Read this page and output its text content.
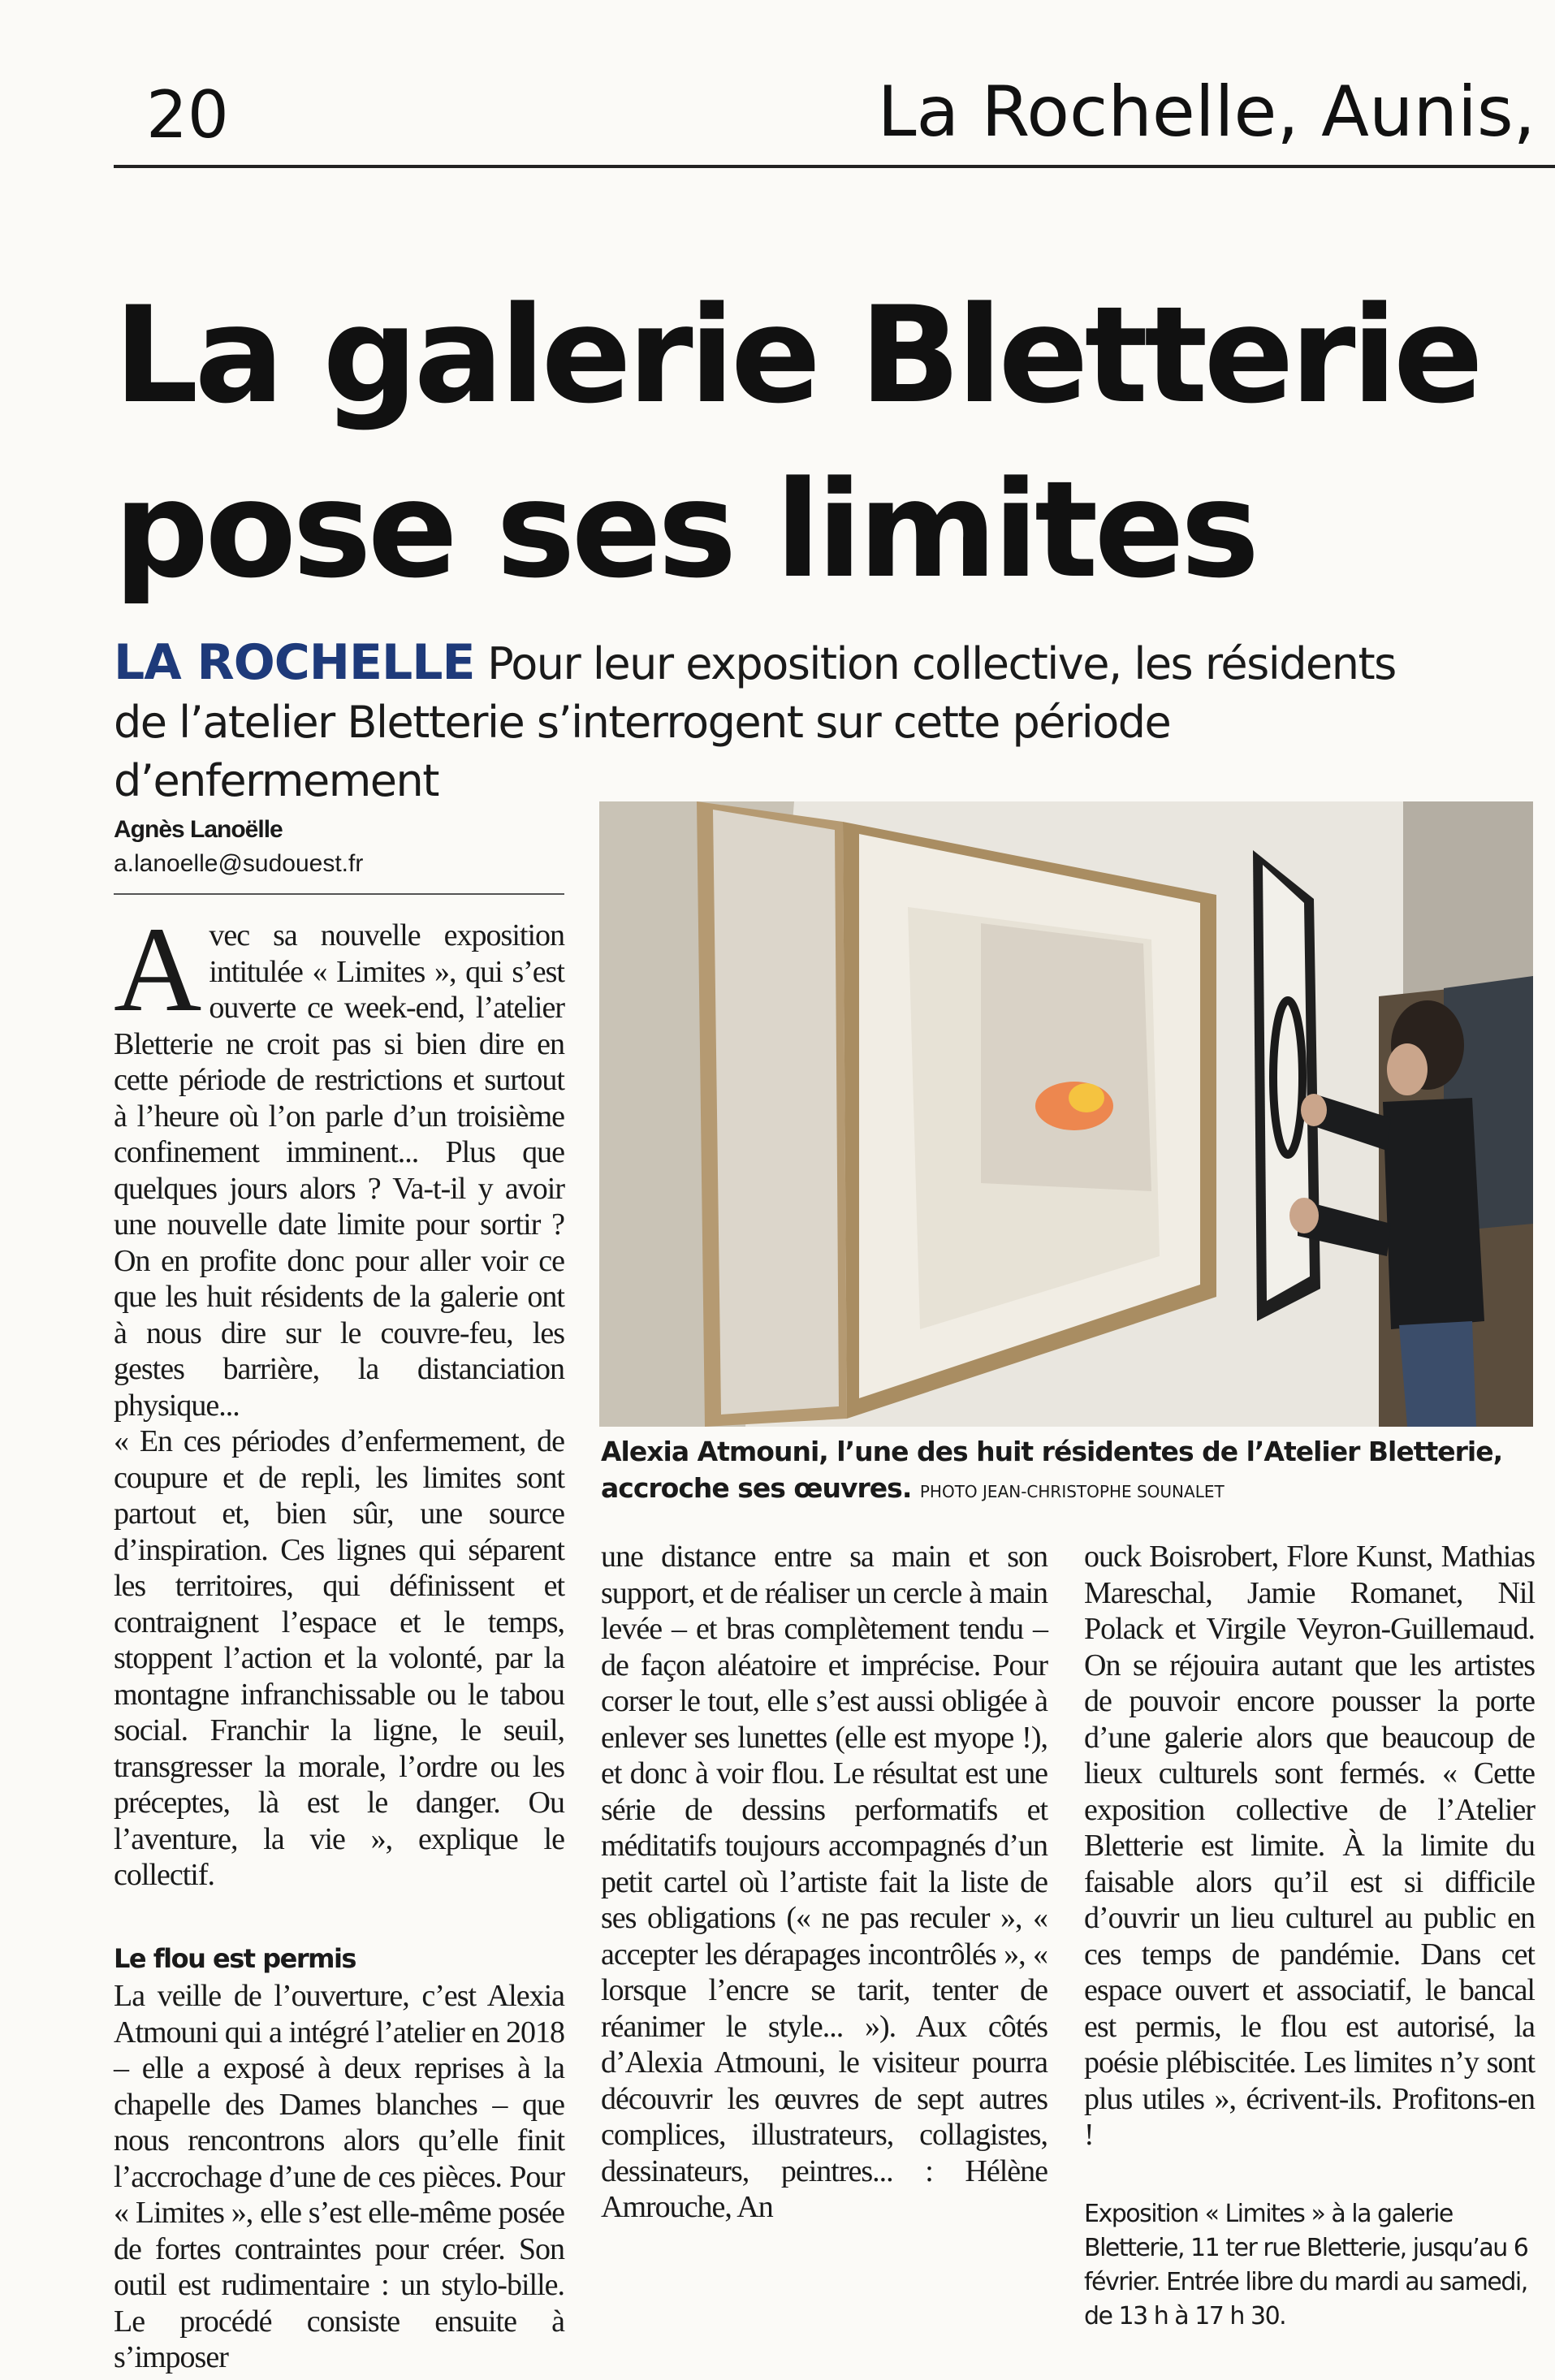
20	La Rochelle, Aunis,
La galerie Bletterie
pose ses limites
LA ROCHELLE Pour leur exposition collective, les résidents de l’atelier Bletterie s’interrogent sur cette période d’enfermement
Agnès Lanoëlle
a.lanoelle@sudouest.fr
Alexia Atmouni, l’une des huit résidentes de l’Atelier Bletterie, accroche ses œuvres. PHOTO JEAN-CHRISTOPHE SOUNALET

Avec sa nouvelle exposition intitulée « Limites », qui s’est ouverte ce week-end, l’atelier Bletterie ne croit pas si bien dire en cette période de restrictions et surtout à l’heure où l’on parle d’un troisième confinement imminent... Plus que quelques jours alors ? Va-t-il y avoir une nouvelle date limite pour sortir ? On en profite donc pour aller voir ce que les huit résidents de la galerie ont à nous dire sur le couvre-feu, les gestes barrière, la distanciation physique...

« En ces périodes d’enfermement, de coupure et de repli, les limites sont partout et, bien sûr, une source d’inspiration. Ces lignes qui séparent les territoires, qui définissent et contraignent l’espace et le temps, stoppent l’action et la volonté, par la montagne infranchissable ou le tabou social. Franchir la ligne, le seuil, transgresser la morale, l’ordre ou les préceptes, là est le danger. Ou l’aventure, la vie », explique le collectif.

Le flou est permis

La veille de l’ouverture, c’est Alexia Atmouni qui a intégré l’atelier en 2018 – elle a exposé à deux reprises à la chapelle des Dames blanches – que nous rencontrons alors qu’elle finit l’accrochage d’une de ces pièces. Pour « Limites », elle s’est elle-même posée de fortes contraintes pour créer. Son outil est rudimentaire : un stylo-bille. Le procédé consiste ensuite à s’imposer

une distance entre sa main et son support, et de réaliser un cercle à main levée – et bras complètement tendu – de façon aléatoire et imprécise. Pour corser le tout, elle s’est aussi obligée à enlever ses lunettes (elle est myope !), et donc à voir flou. Le résultat est une série de dessins performatifs et méditatifs toujours accompagnés d’un petit cartel où l’artiste fait la liste de ses obligations (« ne pas reculer », « accepter les dérapages incontrôlés », « lorsque l’encre se tarit, tenter de réanimer le style... »). Aux côtés d’Alexia Atmouni, le visiteur pourra découvrir les œuvres de sept autres complices, illustrateurs, collagistes, dessinateurs, peintres... : Hélène Amrouche, An

ouck Boisrobert, Flore Kunst, Mathias Mareschal, Jamie Romanet, Nil Polack et Virgile Veyron-Guillemaud. On se réjouira autant que les artistes de pouvoir encore pousser la porte d’une galerie alors que beaucoup de lieux culturels sont fermés. « Cette exposition collective de l’Atelier Bletterie est limite. À la limite du faisable alors qu’il est si difficile d’ouvrir un lieu culturel au public en ces temps de pandémie. Dans cet espace ouvert et associatif, le bancal est permis, le flou est autorisé, la poésie plébiscitée. Les limites n’y sont plus utiles », écrivent-ils. Profitons-en !

Exposition « Limites » à la galerie Bletterie, 11 ter rue Bletterie, jusqu’au 6 février. Entrée libre du mardi au samedi, de 13 h à 17 h 30.
